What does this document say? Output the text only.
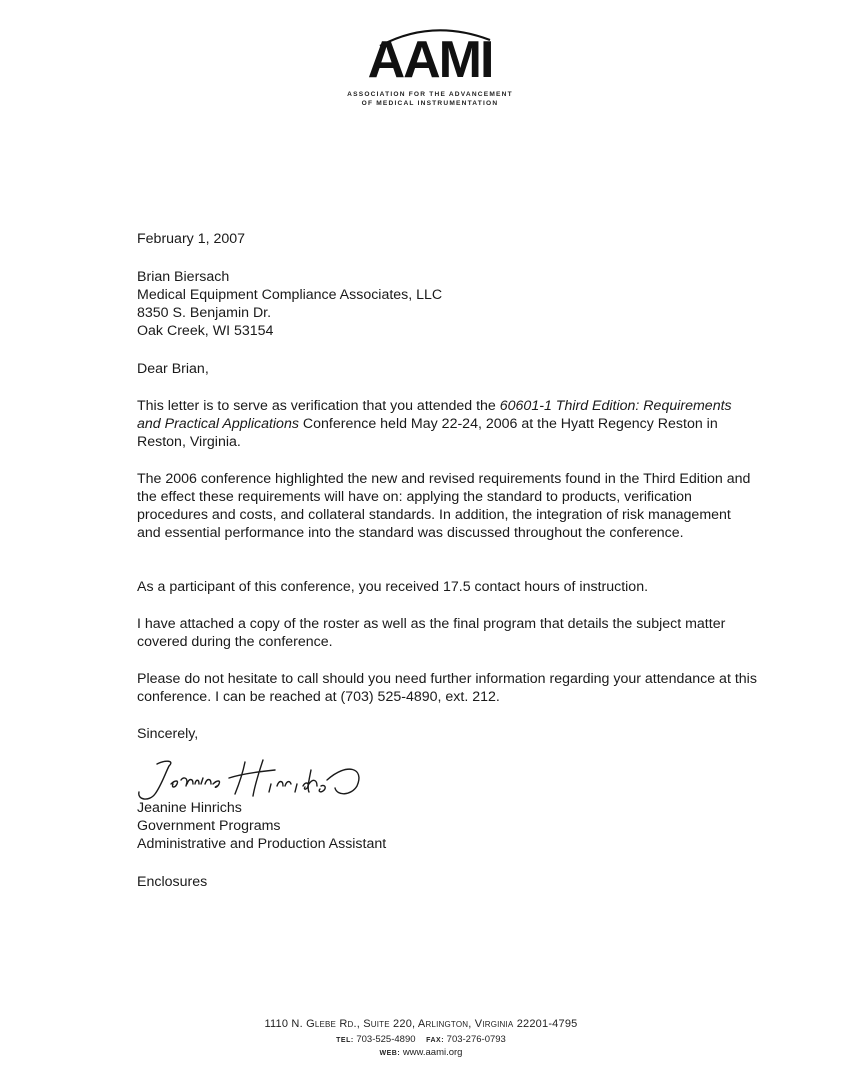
AAMI
ASSOCIATION FOR THE ADVANCEMENT
OF MEDICAL INSTRUMENTATION
February 1, 2007

Brian Biersach

Medical Equipment Compliance Associates, LLC

8350 S. Benjamin Dr.

Oak Creek, WI 53154

Dear Brian,
This letter is to serve as verification that you attended the 60601-1 Third Edition: Requirements and Practical Applications Conference held May 22-24, 2006 at the Hyatt Regency Reston in Reston, Virginia.
The 2006 conference highlighted the new and revised requirements found in the Third Edition and the effect these requirements will have on: applying the standard to products, verification procedures and costs, and collateral standards. In addition, the integration of risk management and essential performance into the standard was discussed throughout the conference.
As a participant of this conference, you received 17.5 contact hours of instruction.
I have attached a copy of the roster as well as the final program that details the subject matter covered during the conference.
Please do not hesitate to call should you need further information regarding your attendance at this conference. I can be reached at (703) 525-4890, ext. 212.
Sincerely,

Jeanine Hinrichs

Government Programs

Administrative and Production Assistant

Enclosures
1110 N. Glebe Rd., Suite 220, Arlington, Virginia 22201-4795
TEL: 703-525-4890 FAX: 703-276-0793
WEB: www.aami.org
